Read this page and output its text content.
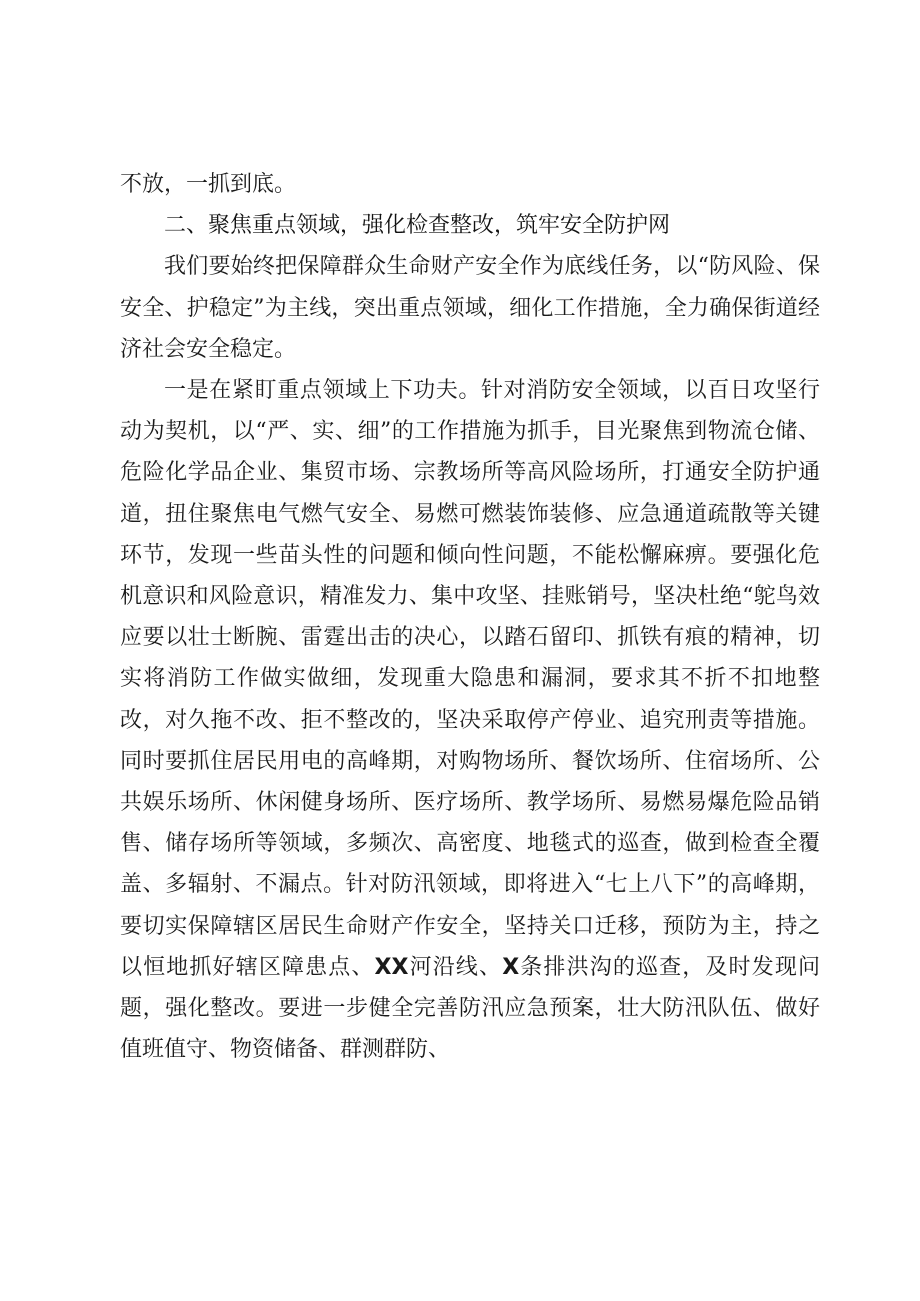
不放，一抓到底。

二、聚焦重点领域，强化检查整改，筑牢安全防护网

我们要始终把保障群众生命财产安全作为底线任务，以“防风险、保安全、护稳定”为主线，突出重点领域，细化工作措施，全力确保街道经济社会安全稳定。

一是在紧盯重点领域上下功夫。针对消防安全领域，以百日攻坚行动为契机，以“严、实、细”的工作措施为抓手，目光聚焦到物流仓储、危险化学品企业、集贸市场、宗教场所等高风险场所，打通安全防护通道，扭住聚焦电气燃气安全、易燃可燃装饰装修、应急通道疏散等关键环节，发现一些苗头性的问题和倾向性问题，不能松懈麻痹。要强化危机意识和风险意识，精准发力、集中攻坚、挂账销号，坚决杜绝“鸵鸟效应要以壮士断腕、雷霆出击的决心，以踏石留印、抓铁有痕的精神，切实将消防工作做实做细，发现重大隐患和漏洞，要求其不折不扣地整改，对久拖不改、拒不整改的，坚决采取停产停业、追究刑责等措施。同时要抓住居民用电的高峰期，对购物场所、餐饮场所、住宿场所、公共娱乐场所、休闲健身场所、医疗场所、教学场所、易燃易爆危险品销售、储存场所等领域，多频次、高密度、地毯式的巡查，做到检查全覆盖、多辐射、不漏点。针对防汛领域，即将进入“七上八下”的高峰期，要切实保障辖区居民生命财产作安全，坚持关口迁移，预防为主，持之以恒地抓好辖区障患点、XX河沿线、X条排洪沟的巡查，及时发现问题，强化整改。要进一步健全完善防汛应急预案，壮大防汛队伍、做好值班值守、物资储备、群测群防、
